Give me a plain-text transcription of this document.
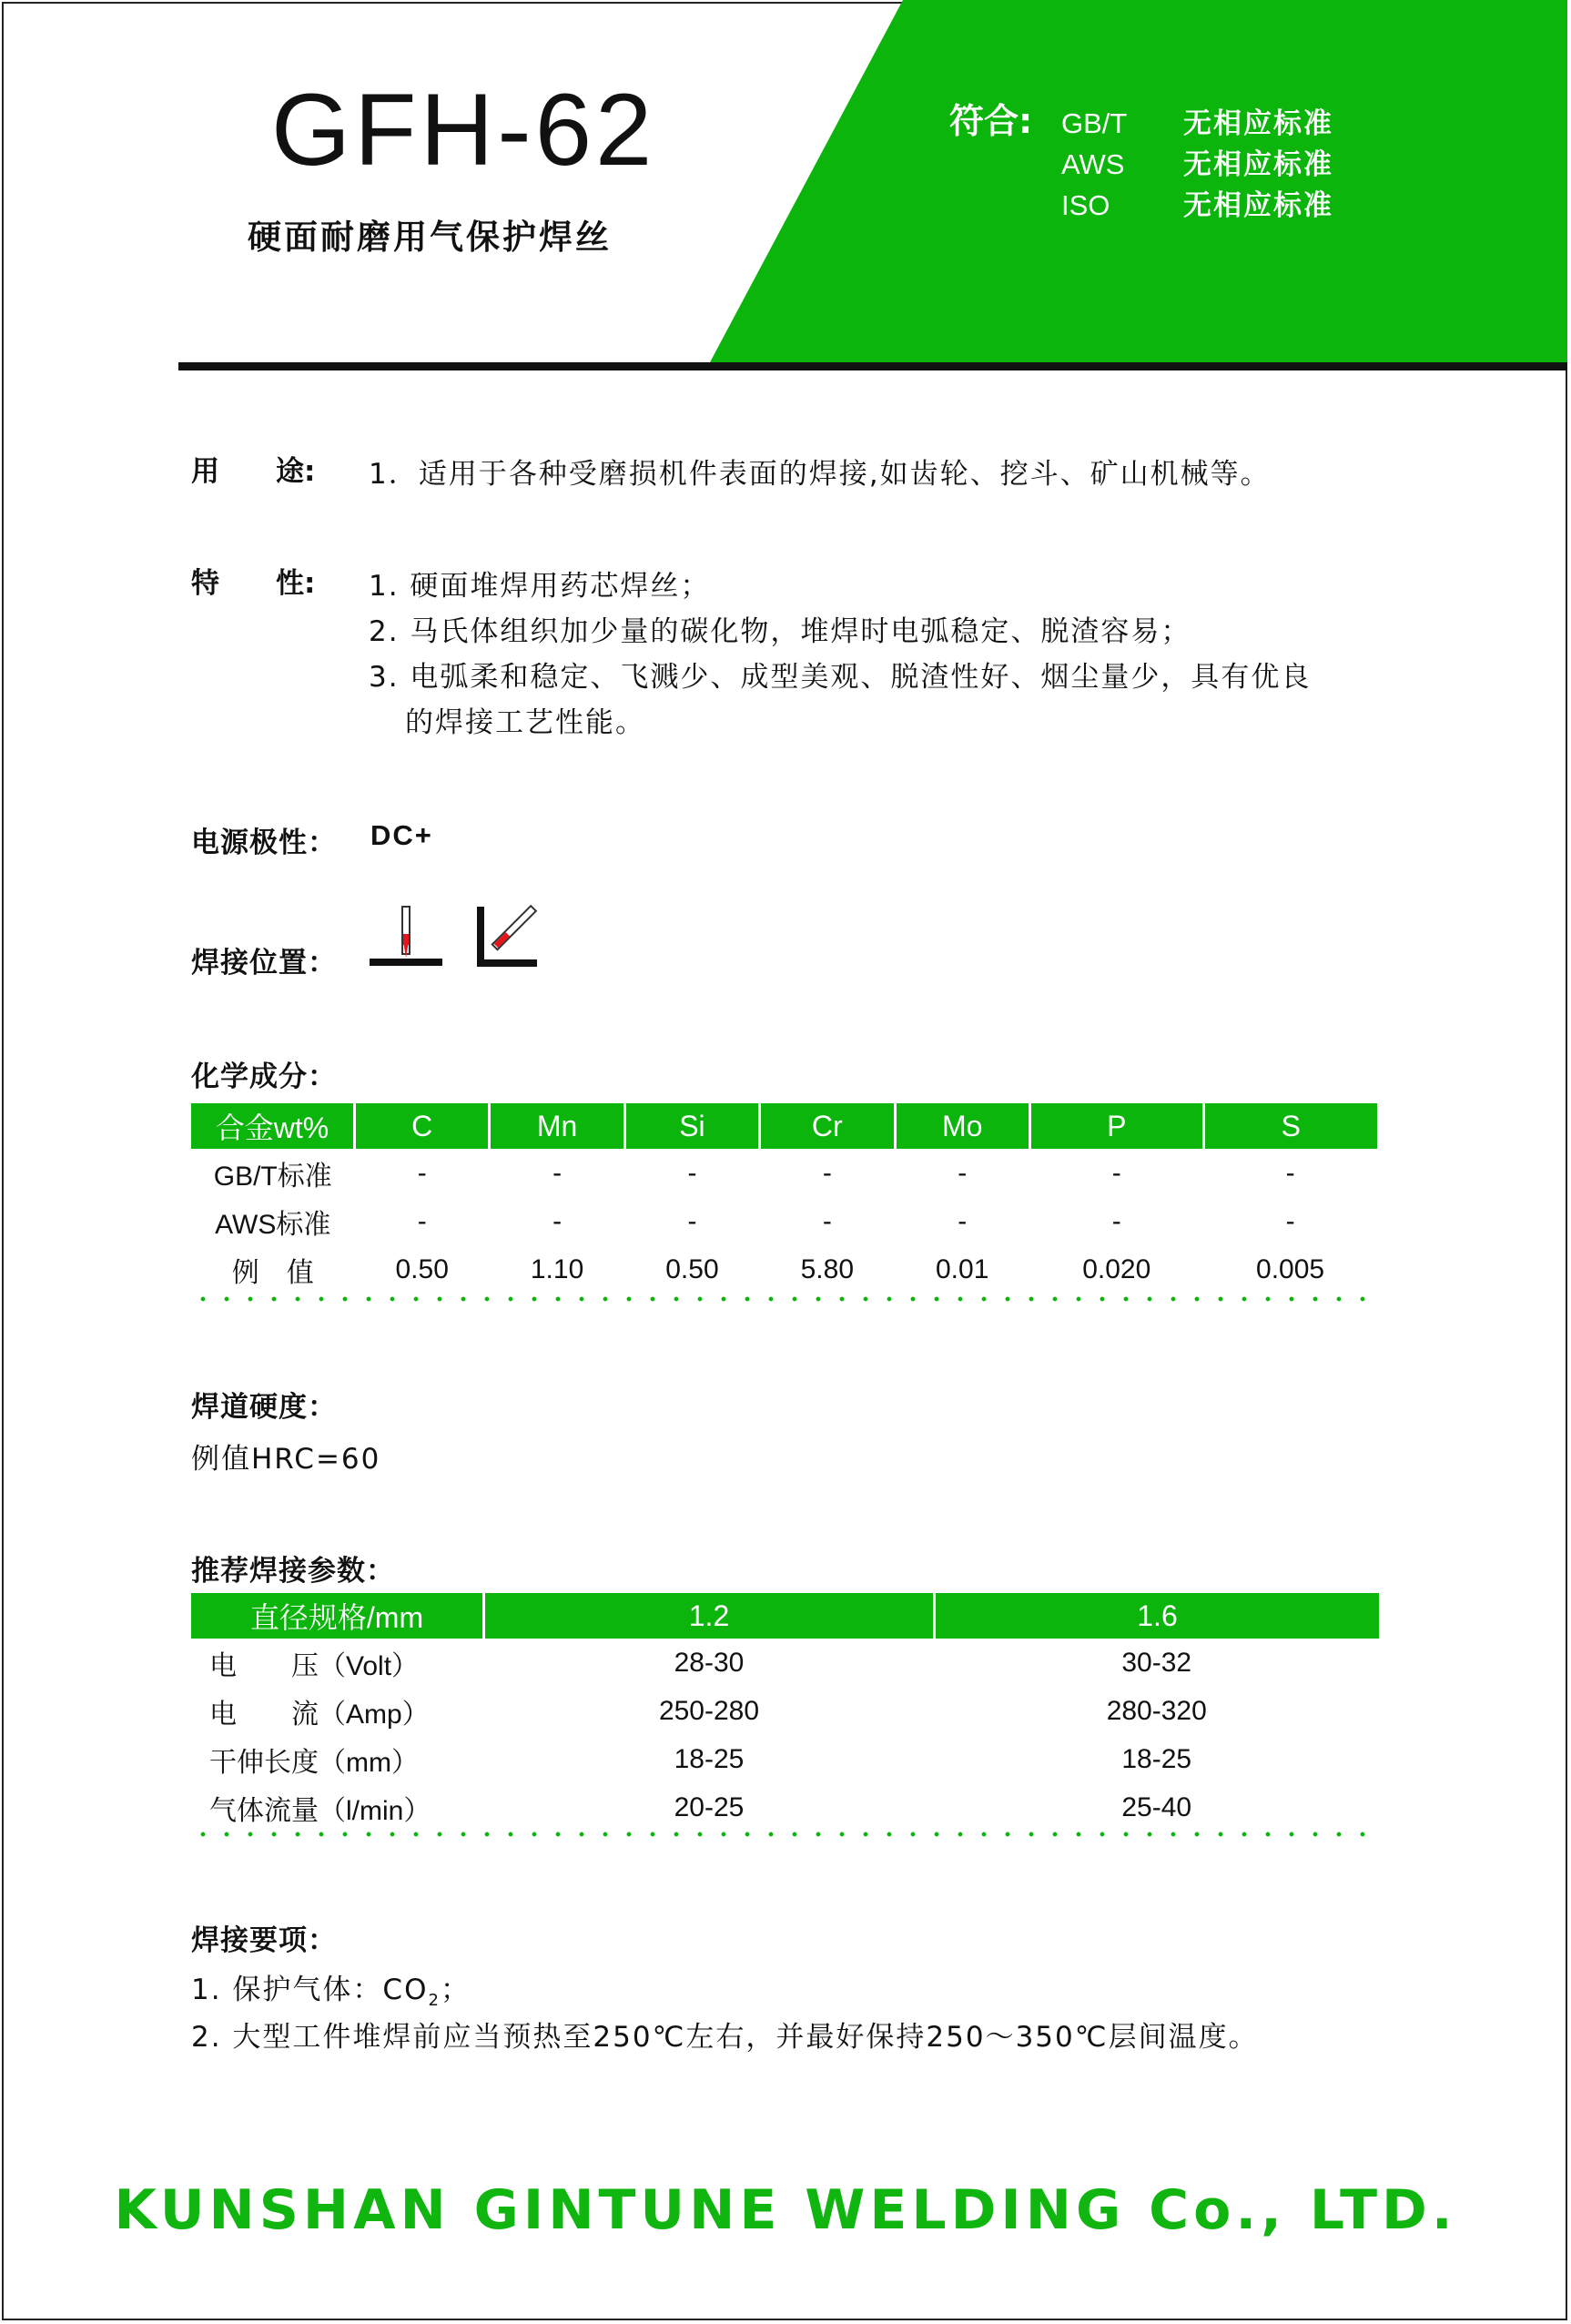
GFH-62
硬面耐磨用气保护焊丝
符合: GB/T 无相应标准
AWS 无相应标准
ISO	无相应标准
用　　途: 1．适用于各种受磨损机件表面的焊接,如齿轮、挖斗、矿山机械等。
特　　性: 1. 硬面堆焊用药芯焊丝；
2. 马氏体组织加少量的碳化物，堆焊时电弧稳定、脱渣容易；
3. 电弧柔和稳定、飞溅少、成型美观、脱渣性好、烟尘量少，具有优良
的焊接工艺性能。
电源极性： DC+
焊接位置：
化学成分：
合金wt%	C	Mn	Si	Cr	Mo	P	S
GB/T标准	-	-	-	-	-	-	-
AWS标准	-	-	-	-	-	-	-
例　值	0.50	1.10	0.50	5.80	0.01	0.020	0.005
焊道硬度：
例值HRC=60
推荐焊接参数：
直径规格/mm	1.2	1.6
电　　压（Volt）	28-30	30-32
电　　流（Amp）	250-280	280-320
干伸长度（mm）	18-25	18-25
气体流量（l/min）	20-25	25-40
焊接要项：
1. 保护气体：$CO_2$；
2. 大型工件堆焊前应当预热至250℃左右，并最好保持250～350℃层间温度。
KUNSHAN GINTUNE WELDING Co., LTD.
